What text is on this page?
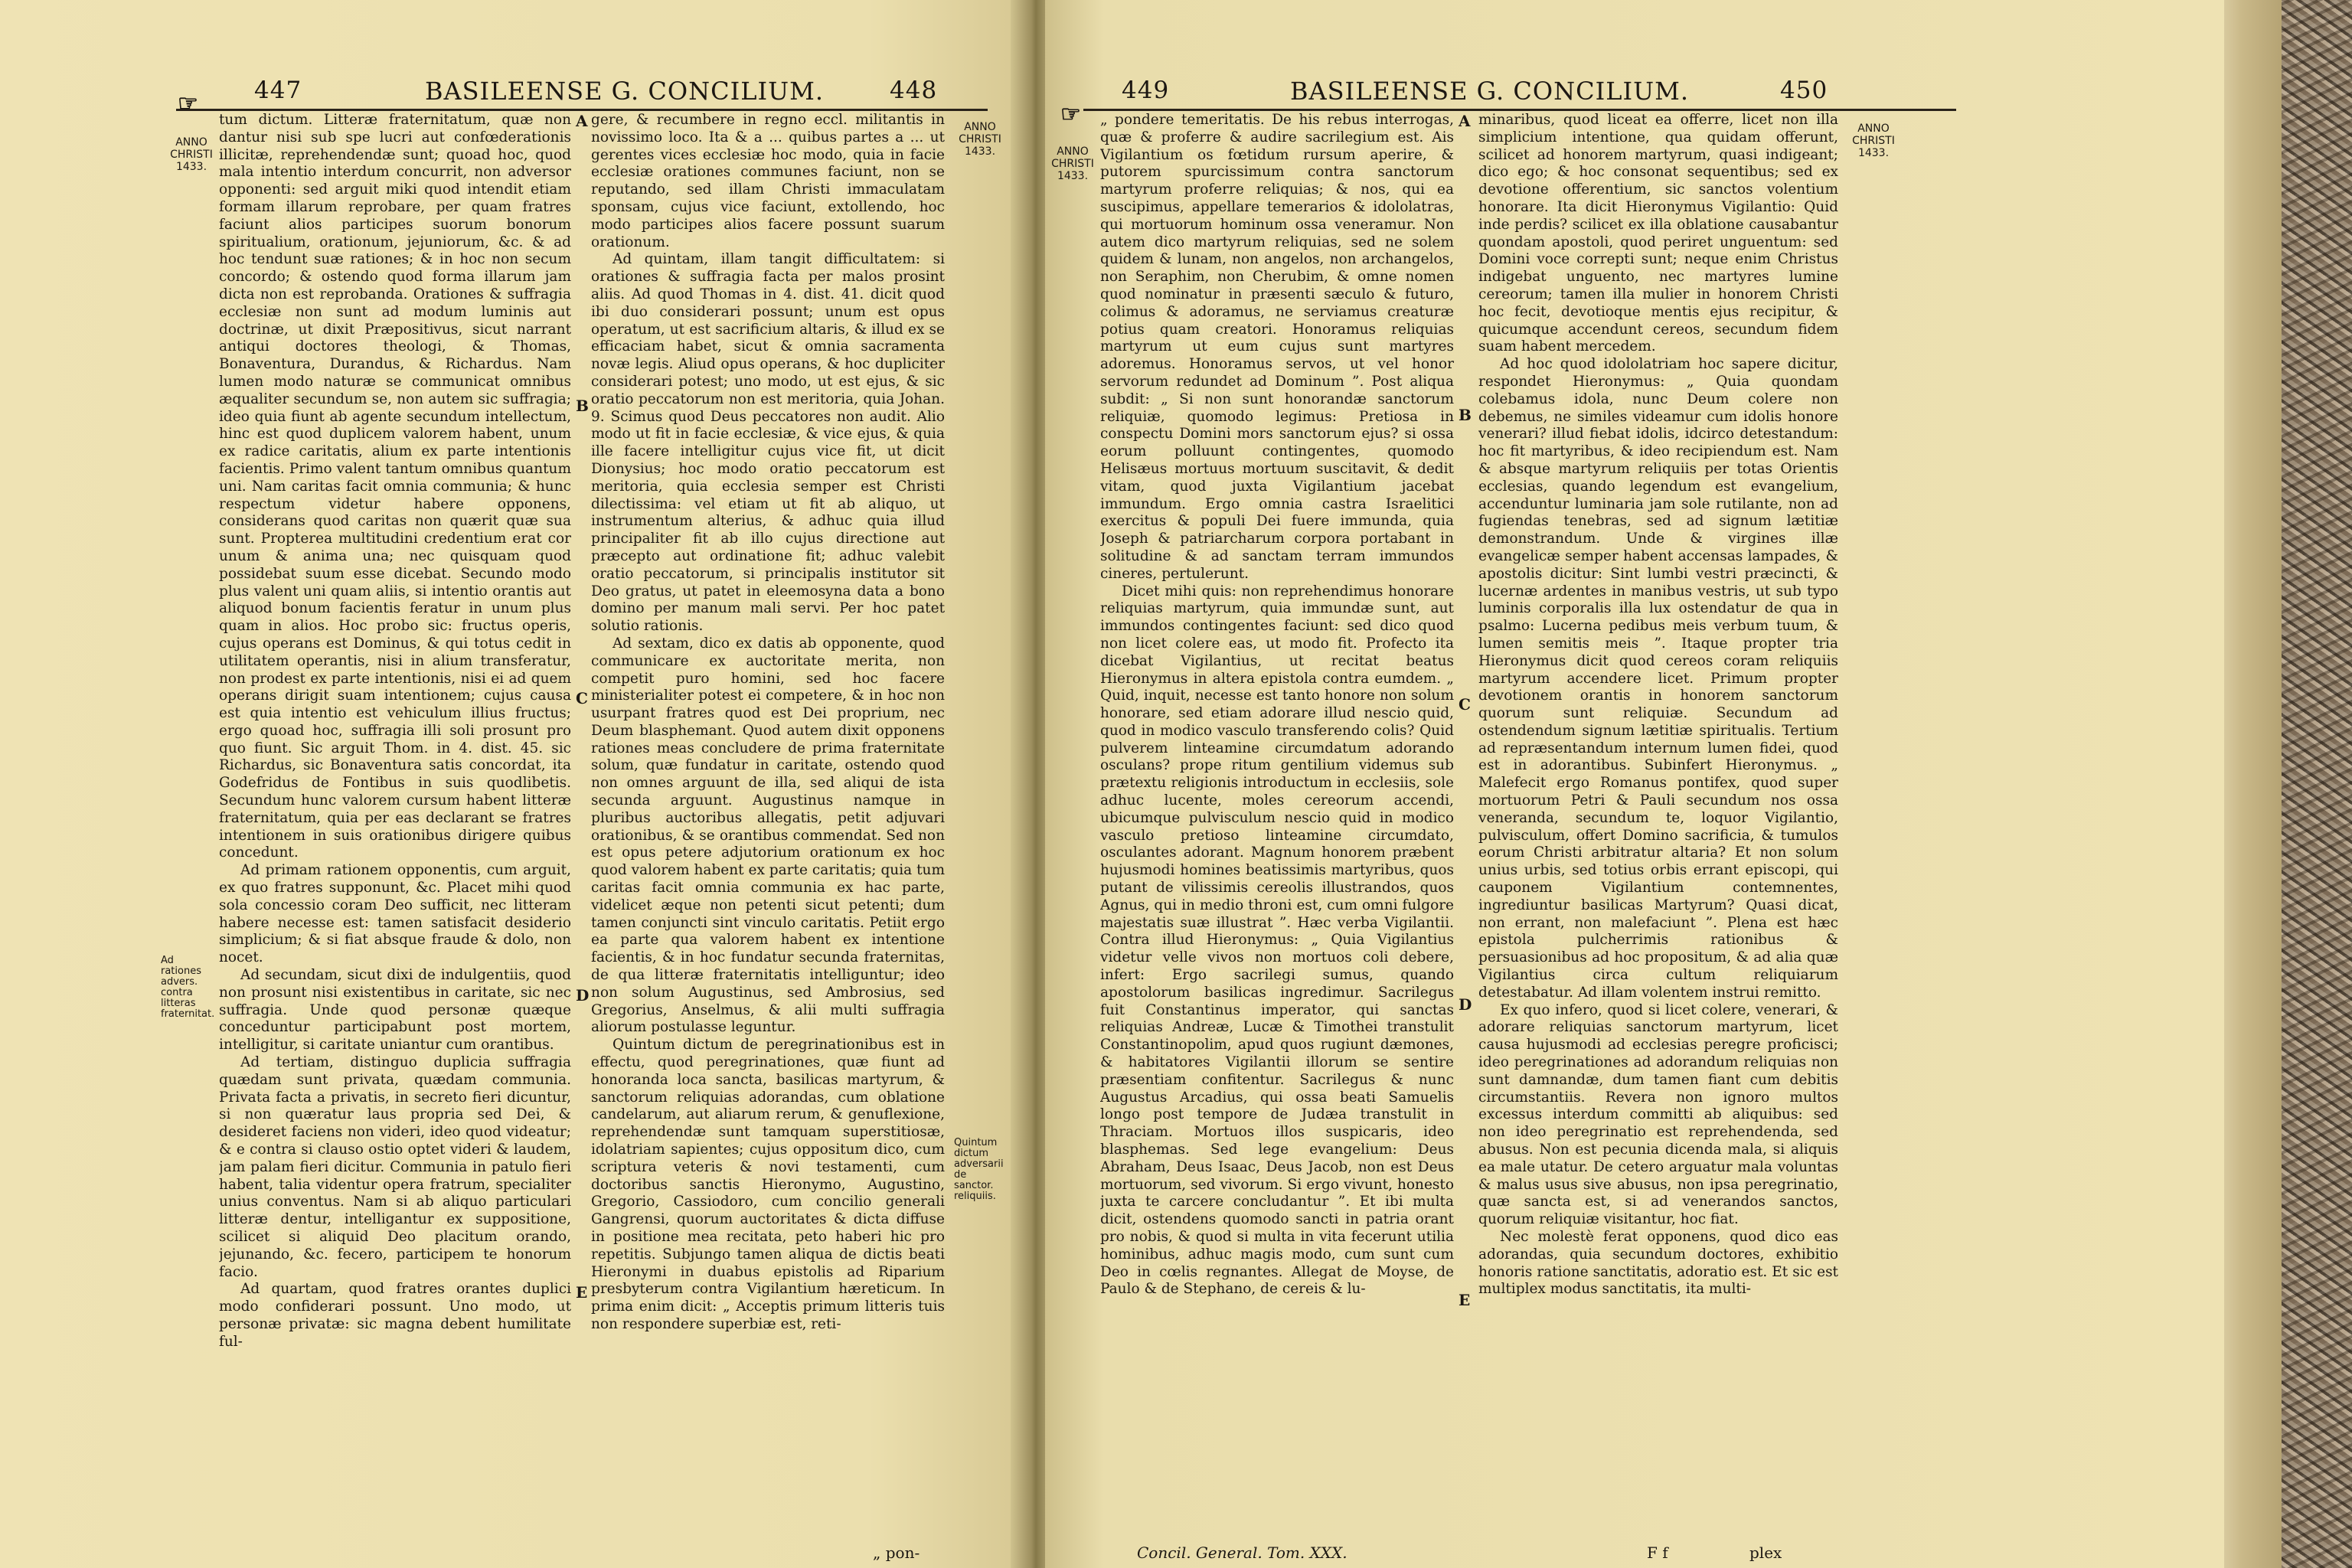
447	BASILEENSE G. CONCILIUM.	448
☞
ANNO
CHRISTI
1433.
ANNO
CHRISTI
1433.
Ad rationes advers. contra litteras fraternitat.
Quintum dictum adversarii de sanctor. reliquiis.
A
B
C
D
E

tum dictum. Litteræ fraternitatum, quæ non dantur nisi sub spe lucri aut confœderationis illicitæ, reprehendendæ sunt; quoad hoc, quod mala intentio interdum concurrit, non adversor opponenti: sed arguit miki quod intendit etiam formam illarum reprobare, per quam fratres faciunt alios participes suorum bonorum spiritualium, orationum, jejuniorum, &c. & ad hoc tendunt suæ rationes; & in hoc non secum concordo; & ostendo quod forma illarum jam dicta non est reprobanda. Orationes & suffragia ecclesiæ non sunt ad modum luminis aut doctrinæ, ut dixit Præpositivus, sicut narrant antiqui doctores theologi, & Thomas, Bonaventura, Durandus, & Richardus. Nam lumen modo naturæ se communicat omnibus æqualiter secundum se, non autem sic suffragia; ideo quia fiunt ab agente secundum intellectum, hinc est quod duplicem valorem habent, unum ex radice caritatis, alium ex parte intentionis facientis. Primo valent tantum omnibus quantum uni. Nam caritas facit omnia communia; & hunc respectum videtur habere opponens, considerans quod caritas non quærit quæ sua sunt. Propterea multitudini credentium erat cor unum & anima una; nec quisquam quod possidebat suum esse dicebat. Secundo modo plus valent uni quam aliis, si intentio orantis aut aliquod bonum facientis feratur in unum plus quam in alios. Hoc probo sic: fructus operis, cujus operans est Dominus, & qui totus cedit in utilitatem operantis, nisi in alium transferatur, non prodest ex parte intentionis, nisi ei ad quem operans dirigit suam intentionem; cujus causa est quia intentio est vehiculum illius fructus; ergo quoad hoc, suffragia illi soli prosunt pro quo fiunt. Sic arguit Thom. in 4. dist. 45. sic Richardus, sic Bonaventura satis concordat, ita Godefridus de Fontibus in suis quodlibetis. Secundum hunc valorem cursum habent litteræ fraternitatum, quia per eas declarant se fratres intentionem in suis orationibus dirigere quibus concedunt.

Ad primam rationem opponentis, cum arguit, ex quo fratres supponunt, &c. Placet mihi quod sola concessio coram Deo sufficit, nec litteram habere necesse est: tamen satisfacit desiderio simplicium; & si fiat absque fraude & dolo, non nocet.

Ad secundam, sicut dixi de indulgentiis, quod non prosunt nisi existentibus in caritate, sic nec suffragia. Unde quod personæ quæque conceduntur participabunt post mortem, intelligitur, si caritate uniantur cum orantibus.

Ad tertiam, distinguo duplicia suffragia quædam sunt privata, quædam communia. Privata facta a privatis, in secreto fieri dicuntur, si non quæratur laus propria sed Dei, & desideret faciens non videri, ideo quod videatur; & e contra si clauso ostio optet videri & laudem, jam palam fieri dicitur. Communia in patulo fieri habent, talia videntur opera fratrum, specialiter unius conventus. Nam si ab aliquo particulari litteræ dentur, intelligantur ex suppositione, scilicet si aliquid Deo placitum orando, jejunando, &c. fecero, participem te honorum facio.

Ad quartam, quod fratres orantes duplici modo confiderari possunt. Uno modo, ut personæ privatæ: sic magna debent humilitate ful-

gere, & recumbere in regno eccl. militantis in novissimo loco. Ita & a ... quibus partes a ... ut gerentes vices ecclesiæ hoc modo, quia in facie ecclesiæ orationes communes faciunt, non se reputando, sed illam Christi immaculatam sponsam, cujus vice faciunt, extollendo, hoc modo participes alios facere possunt suarum orationum.

Ad quintam, illam tangit difficultatem: si orationes & suffragia facta per malos prosint aliis. Ad quod Thomas in 4. dist. 41. dicit quod ibi duo considerari possunt; unum est opus operatum, ut est sacrificium altaris, & illud ex se efficaciam habet, sicut & omnia sacramenta novæ legis. Aliud opus operans, & hoc dupliciter considerari potest; uno modo, ut est ejus, & sic oratio peccatorum non est meritoria, quia Johan. 9. Scimus quod Deus peccatores non audit. Alio modo ut fit in facie ecclesiæ, & vice ejus, & quia ille facere intelligitur cujus vice fit, ut dicit Dionysius; hoc modo oratio peccatorum est meritoria, quia ecclesia semper est Christi dilectissima: vel etiam ut fit ab aliquo, ut instrumentum alterius, & adhuc quia illud principaliter fit ab illo cujus directione aut præcepto aut ordinatione fit; adhuc valebit oratio peccatorum, si principalis institutor sit Deo gratus, ut patet in eleemosyna data a bono domino per manum mali servi. Per hoc patet solutio rationis.

Ad sextam, dico ex datis ab opponente, quod communicare ex auctoritate merita, non competit puro homini, sed hoc facere ministerialiter potest ei competere, & in hoc non usurpant fratres quod est Dei proprium, nec Deum blasphemant. Quod autem dixit opponens rationes meas concludere de prima fraternitate solum, quæ fundatur in caritate, ostendo quod non omnes arguunt de illa, sed aliqui de ista secunda arguunt. Augustinus namque in pluribus auctoribus allegatis, petit adjuvari orationibus, & se orantibus commendat. Sed non est opus petere adjutorium orationum ex hoc quod valorem habent ex parte caritatis; quia tum caritas facit omnia communia ex hac parte, videlicet æque non petenti sicut petenti; dum tamen conjuncti sint vinculo caritatis. Petiit ergo ea parte qua valorem habent ex intentione facientis, & in hoc fundatur secunda fraternitas, de qua litteræ fraternitatis intelliguntur; ideo non solum Augustinus, sed Ambrosius, sed Gregorius, Anselmus, & alii multi suffragia aliorum postulasse leguntur.

Quintum dictum de peregrinationibus est in effectu, quod peregrinationes, quæ fiunt ad honoranda loca sancta, basilicas martyrum, & sanctorum reliquias adorandas, cum oblatione candelarum, aut aliarum rerum, & genuflexione, reprehendendæ sunt tamquam superstitiosæ, idolatriam sapientes; cujus oppositum dico, cum scriptura veteris & novi testamenti, cum doctoribus sanctis Hieronymo, Augustino, Gregorio, Cassiodoro, cum concilio generali Gangrensi, quorum auctoritates & dicta diffuse in positione mea recitata, peto haberi hic pro repetitis. Subjungo tamen aliqua de dictis beati Hieronymi in duabus epistolis ad Riparium presbyterum contra Vigilantium hæreticum. In prima enim dicit: „ Acceptis primum litteris tuis non respondere superbiæ est, reti-

„ pon-
449	BASILEENSE G. CONCILIUM.	450
☞
ANNO
CHRISTI
1433.
ANNO
CHRISTI
1433.
A
B
C
D
E

„ pondere temeritatis. De his rebus interrogas, quæ & proferre & audire sacrilegium est. Ais Vigilantium os fœtidum rursum aperire, & putorem spurcissimum contra sanctorum martyrum proferre reliquias; & nos, qui ea suscipimus, appellare temerarios & idololatras, qui mortuorum hominum ossa veneramur. Non autem dico martyrum reliquias, sed ne solem quidem & lunam, non angelos, non archangelos, non Seraphim, non Cherubim, & omne nomen quod nominatur in præsenti sæculo & futuro, colimus & adoramus, ne serviamus creaturæ potius quam creatori. Honoramus reliquias martyrum ut eum cujus sunt martyres adoremus. Honoramus servos, ut vel honor servorum redundet ad Dominum ”. Post aliqua subdit: „ Si non sunt honorandæ sanctorum reliquiæ, quomodo legimus: Pretiosa in conspectu Domini mors sanctorum ejus? si ossa eorum polluunt contingentes, quomodo Helisæus mortuus mortuum suscitavit, & dedit vitam, quod juxta Vigilantium jacebat immundum. Ergo omnia castra Israelitici exercitus & populi Dei fuere immunda, quia Joseph & patriarcharum corpora portabant in solitudine & ad sanctam terram immundos cineres, pertulerunt.

Dicet mihi quis: non reprehendimus honorare reliquias martyrum, quia immundæ sunt, aut immundos contingentes faciunt: sed dico quod non licet colere eas, ut modo fit. Profecto ita dicebat Vigilantius, ut recitat beatus Hieronymus in altera epistola contra eumdem. „ Quid, inquit, necesse est tanto honore non solum honorare, sed etiam adorare illud nescio quid, quod in modico vasculo transferendo colis? Quid pulverem linteamine circumdatum adorando osculans? prope ritum gentilium videmus sub prætextu religionis introductum in ecclesiis, sole adhuc lucente, moles cereorum accendi, ubicumque pulvisculum nescio quid in modico vasculo pretioso linteamine circumdato, osculantes adorant. Magnum honorem præbent hujusmodi homines beatissimis martyribus, quos putant de vilissimis cereolis illustrandos, quos Agnus, qui in medio throni est, cum omni fulgore majestatis suæ illustrat ”. Hæc verba Vigilantii. Contra illud Hieronymus: „ Quia Vigilantius videtur velle vivos non mortuos coli debere, infert: Ergo sacrilegi sumus, quando apostolorum basilicas ingredimur. Sacrilegus fuit Constantinus imperator, qui sanctas reliquias Andreæ, Lucæ & Timothei transtulit Constantinopolim, apud quos rugiunt dæmones, & habitatores Vigilantii illorum se sentire præsentiam confitentur. Sacrilegus & nunc Augustus Arcadius, qui ossa beati Samuelis longo post tempore de Judæa transtulit in Thraciam. Mortuos illos suspicaris, ideo blasphemas. Sed lege evangelium: Deus Abraham, Deus Isaac, Deus Jacob, non est Deus mortuorum, sed vivorum. Si ergo vivunt, honesto juxta te carcere concludantur ”. Et ibi multa dicit, ostendens quomodo sancti in patria orant pro nobis, & quod si multa in vita fecerunt utilia hominibus, adhuc magis modo, cum sunt cum Deo in cœlis regnantes. Allegat de Moyse, de Paulo & de Stephano, de cereis & lu-

minaribus, quod liceat ea offerre, licet non illa simplicium intentione, qua quidam offerunt, scilicet ad honorem martyrum, quasi indigeant; dico ego; & hoc consonat sequentibus; sed ex devotione offerentium, sic sanctos volentium honorare. Ita dicit Hieronymus Vigilantio: Quid inde perdis? scilicet ex illa oblatione causabantur quondam apostoli, quod periret unguentum: sed Domini voce correpti sunt; neque enim Christus indigebat unguento, nec martyres lumine cereorum; tamen illa mulier in honorem Christi hoc fecit, devotioque mentis ejus recipitur, & quicumque accendunt cereos, secundum fidem suam habent mercedem.

Ad hoc quod idololatriam hoc sapere dicitur, respondet Hieronymus: „ Quia quondam colebamus idola, nunc Deum colere non debemus, ne similes videamur cum idolis honore venerari? illud fiebat idolis, idcirco detestandum: hoc fit martyribus, & ideo recipiendum est. Nam & absque martyrum reliquiis per totas Orientis ecclesias, quando legendum est evangelium, accenduntur luminaria jam sole rutilante, non ad fugiendas tenebras, sed ad signum lætitiæ demonstrandum. Unde & virgines illæ evangelicæ semper habent accensas lampades, & apostolis dicitur: Sint lumbi vestri præcincti, & lucernæ ardentes in manibus vestris, ut sub typo luminis corporalis illa lux ostendatur de qua in psalmo: Lucerna pedibus meis verbum tuum, & lumen semitis meis ”. Itaque propter tria Hieronymus dicit quod cereos coram reliquiis martyrum accendere licet. Primum propter devotionem orantis in honorem sanctorum quorum sunt reliquiæ. Secundum ad ostendendum signum lætitiæ spiritualis. Tertium ad repræsentandum internum lumen fidei, quod est in adorantibus. Subinfert Hieronymus. „ Malefecit ergo Romanus pontifex, quod super mortuorum Petri & Pauli secundum nos ossa veneranda, secundum te, loquor Vigilantio, pulvisculum, offert Domino sacrificia, & tumulos eorum Christi arbitratur altaria? Et non solum unius urbis, sed totius orbis errant episcopi, qui cauponem Vigilantium contemnentes, ingrediuntur basilicas Martyrum? Quasi dicat, non errant, non malefaciunt ”. Plena est hæc epistola pulcherrimis rationibus & persuasionibus ad hoc propositum, & ad alia quæ Vigilantius circa cultum reliquiarum detestabatur. Ad illam volentem instrui remitto.

Ex quo infero, quod si licet colere, venerari, & adorare reliquias sanctorum martyrum, licet causa hujusmodi ad ecclesias peregre proficisci; ideo peregrinationes ad adorandum reliquias non sunt damnandæ, dum tamen fiant cum debitis circumstantiis. Revera non ignoro multos excessus interdum committi ab aliquibus: sed non ideo peregrinatio est reprehendenda, sed abusus. Non est pecunia dicenda mala, si aliquis ea male utatur. De cetero arguatur mala voluntas & malus usus sive abusus, non ipsa peregrinatio, quæ sancta est, si ad venerandos sanctos, quorum reliquiæ visitantur, hoc fiat.

Nec molestè ferat opponens, quod dico eas adorandas, quia secundum doctores, exhibitio honoris ratione sanctitatis, adoratio est. Et sic est multiplex modus sanctitatis, ita multi-

Concil. General. Tom. XXX.	F f	plex
